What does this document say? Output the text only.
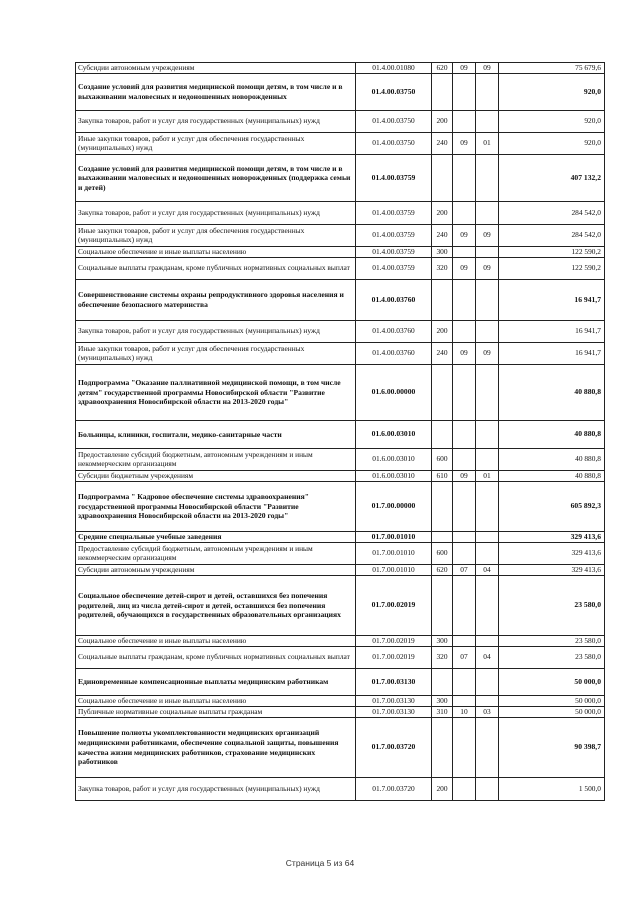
Субсидии автономным учреждениям	01.4.00.01080	620	09	09	75 679,6
Создание условий для развития медицинской помощи детям, в том числе и в выхаживании маловесных и недоношенных новорожденных	01.4.00.03750				920,0
Закупка товаров, работ и услуг для государственных (муниципальных) нужд	01.4.00.03750	200			920,0
Иные закупки товаров, работ и услуг для обеспечения государственных (муниципальных) нужд	01.4.00.03750	240	09	01	920,0
Создание условий для развития медицинской помощи детям, в том числе и в выхаживании маловесных и недоношенных новорожденных (поддержка семьи и детей)	01.4.00.03759				407 132,2
Закупка товаров, работ и услуг для государственных (муниципальных) нужд	01.4.00.03759	200			284 542,0
Иные закупки товаров, работ и услуг для обеспечения государственных (муниципальных) нужд	01.4.00.03759	240	09	09	284 542,0
Социальное обеспечение и иные выплаты населению	01.4.00.03759	300			122 590,2
Социальные выплаты гражданам, кроме публичных нормативных социальных выплат	01.4.00.03759	320	09	09	122 590,2
Совершенствование системы охраны репродуктивного здоровья населения и обеспечение безопасного материнства	01.4.00.03760				16 941,7
Закупка товаров, работ и услуг для государственных (муниципальных) нужд	01.4.00.03760	200			16 941,7
Иные закупки товаров, работ и услуг для обеспечения государственных (муниципальных) нужд	01.4.00.03760	240	09	09	16 941,7
Подпрограмма "Оказание паллиативной медицинской помощи, в том числе детям" государственной программы Новосибирской области "Развитие здравоохранения Новосибирской области на 2013-2020 годы"	01.6.00.00000				40 880,8
Больницы, клиники, госпитали, медико-санитарные части	01.6.00.03010				40 880,8
Предоставление субсидий бюджетным, автономным учреждениям и иным некоммерческим организациям	01.6.00.03010	600			40 880,8
Субсидии бюджетным учреждениям	01.6.00.03010	610	09	01	40 880,8
Подпрограмма " Кадровое обеспечение системы здравоохранения" государственной программы Новосибирской области "Развитие здравоохранения Новосибирской области на 2013-2020 годы"	01.7.00.00000				605 892,3
Средние специальные учебные заведения	01.7.00.01010				329 413,6
Предоставление субсидий бюджетным, автономным учреждениям и иным некоммерческим организациям	01.7.00.01010	600			329 413,6
Субсидии автономным учреждениям	01.7.00.01010	620	07	04	329 413,6
Социальное обеспечение детей-сирот и детей, оставшихся без попечения родителей, лиц из числа детей-сирот и детей, оставшихся без попечения родителей, обучающихся в государственных образовательных организациях	01.7.00.02019				23 580,0
Социальное обеспечение и иные выплаты населению	01.7.00.02019	300			23 580,0
Социальные выплаты гражданам, кроме публичных нормативных социальных выплат	01.7.00.02019	320	07	04	23 580,0
Единовременные компенсационные выплаты медицинским работникам	01.7.00.03130				50 000,0
Социальное обеспечение и иные выплаты населению	01.7.00.03130	300			50 000,0
Публичные нормативные социальные выплаты гражданам	01.7.00.03130	310	10	03	50 000,0
Повышение полноты укомплектованности медицинских организаций медицинскими работниками, обеспечение социальной защиты, повышения качества жизни медицинских работников, страхование медицинских работников	01.7.00.03720				90 398,7
Закупка товаров, работ и услуг для государственных (муниципальных) нужд	01.7.00.03720	200			1 500,0
Страница 5 из 64
